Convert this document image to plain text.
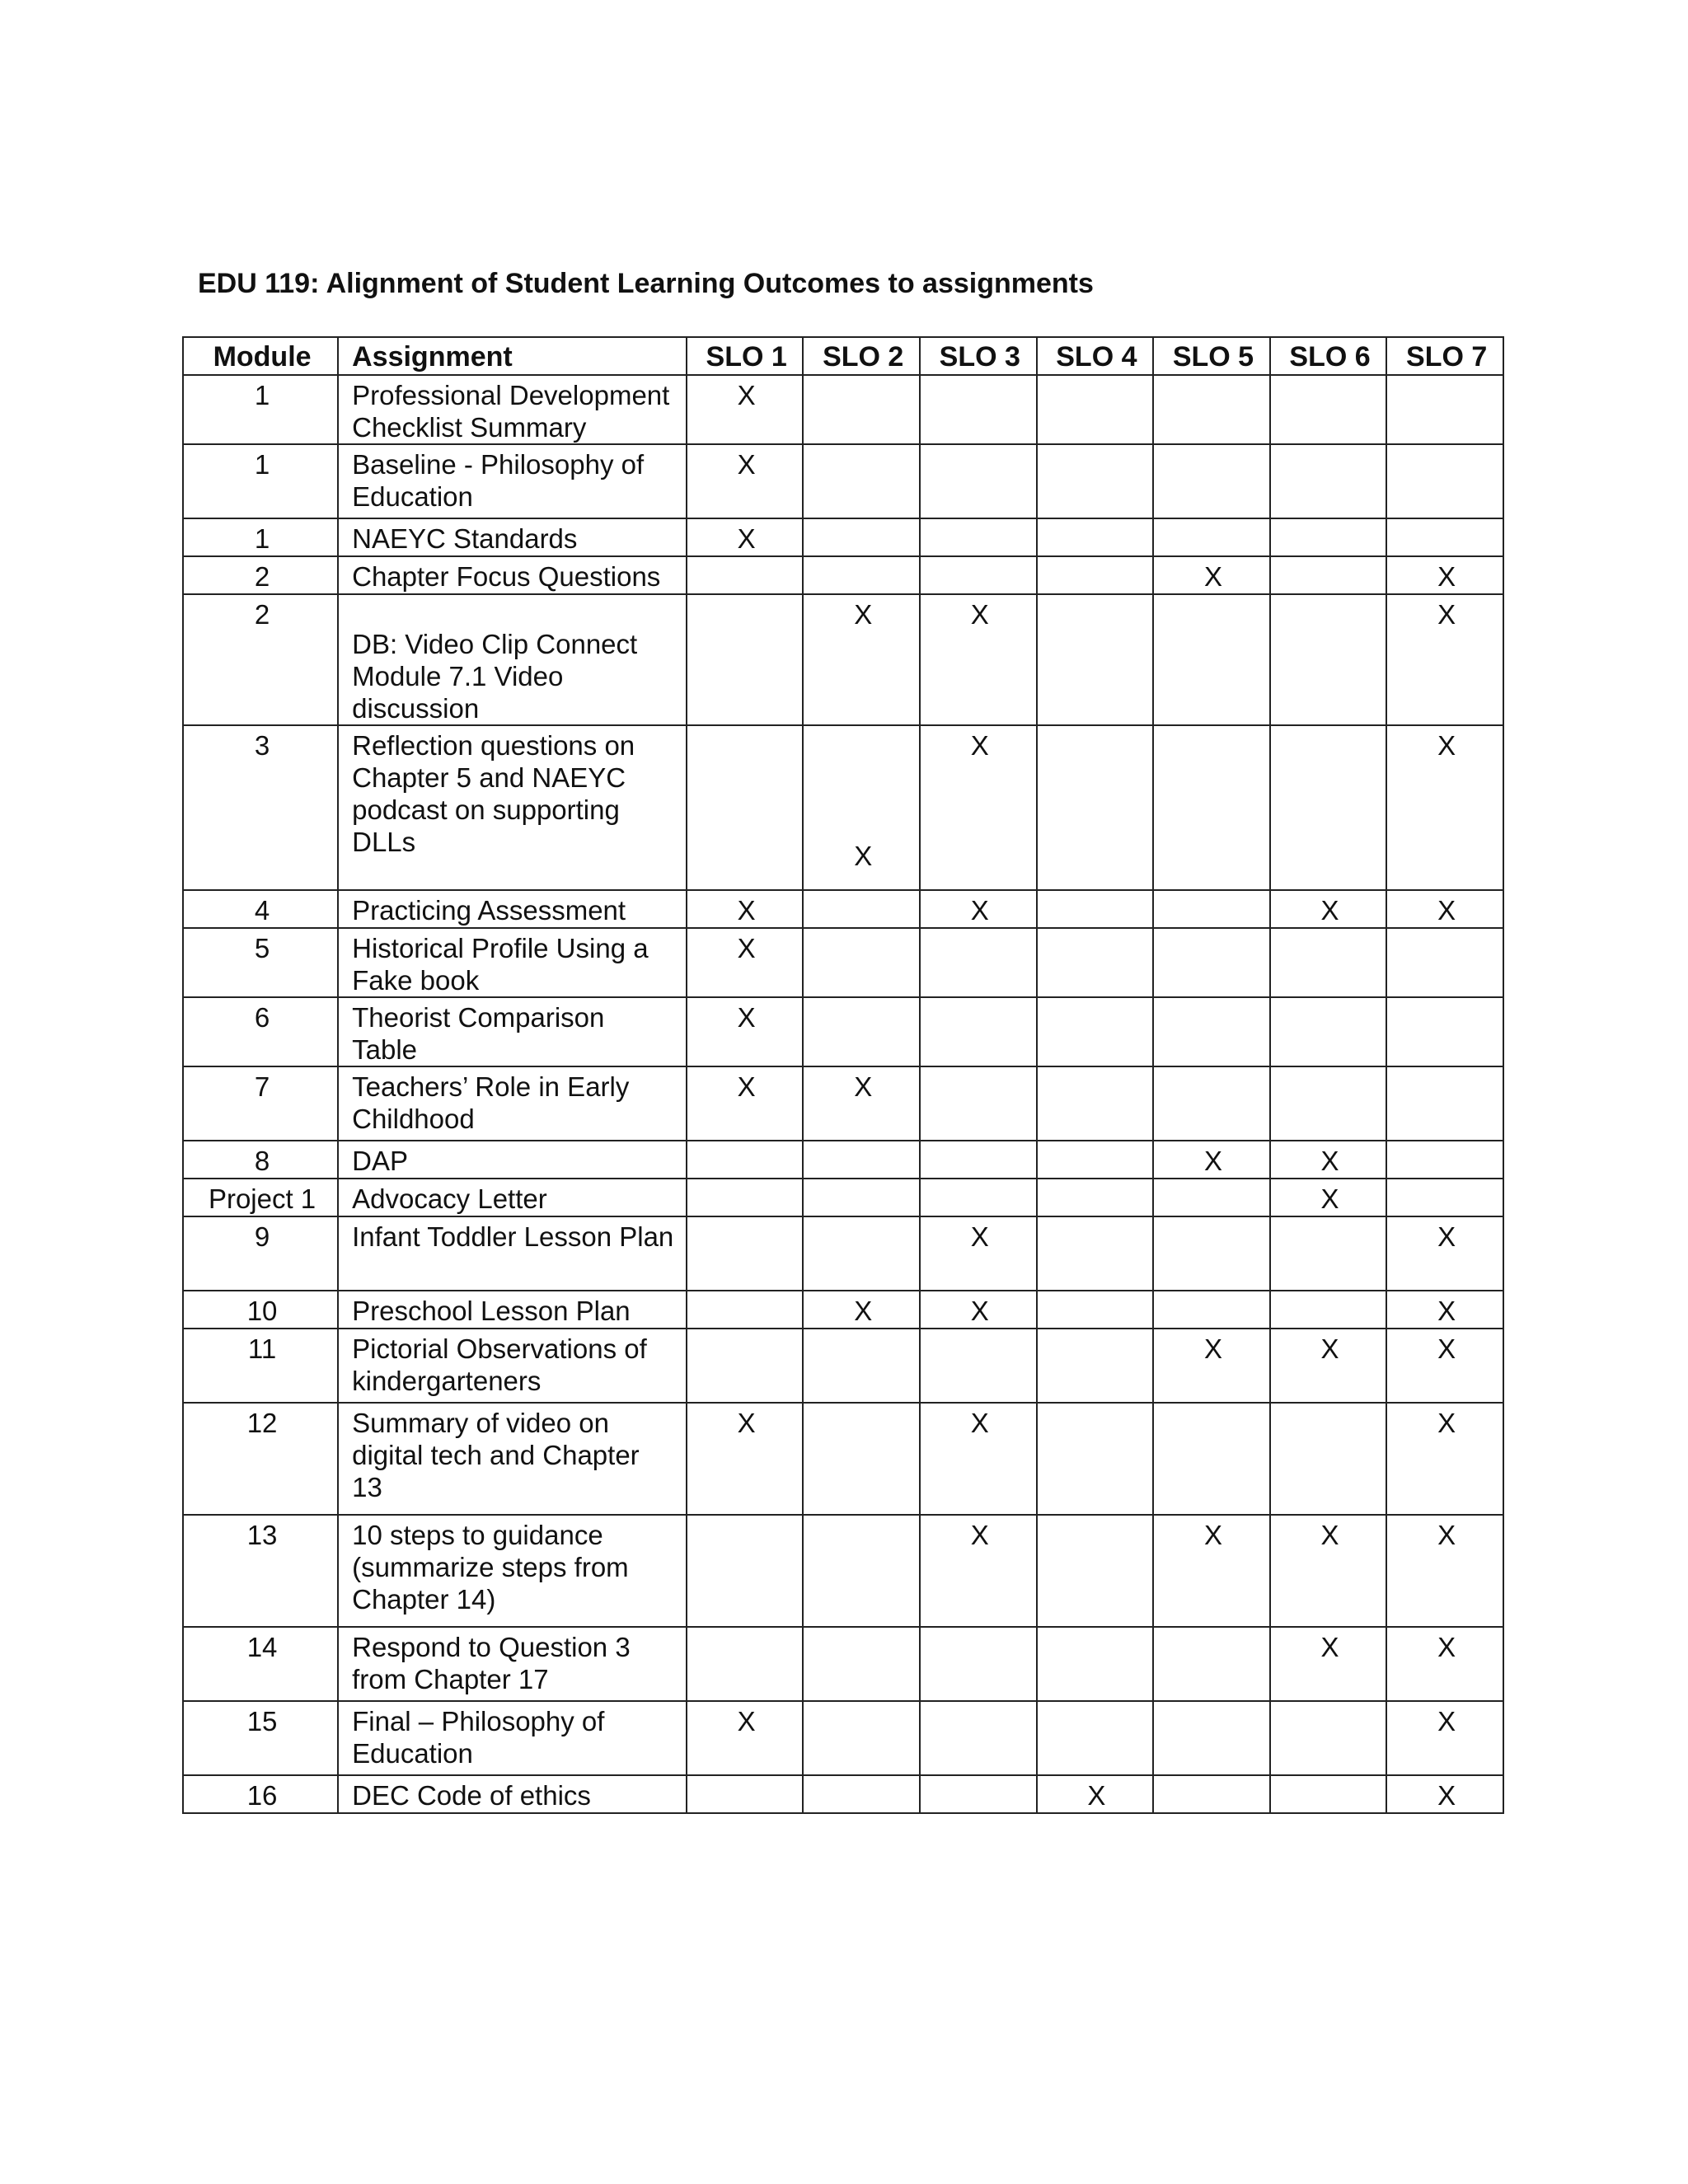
EDU 119: Alignment of Student Learning Outcomes to assignments
Module	Assignment	SLO 1	SLO 2	SLO 3	SLO 4	SLO 5	SLO 6	SLO 7
1	Professional Development Checklist Summary	X						
1	Baseline - Philosophy of Education	X						
1	NAEYC Standards	X						
2	Chapter Focus Questions					X		X
2	DB: Video Clip Connect Module 7.1 Video discussion		X	X				X
3	Reflection questions on Chapter 5 and NAEYC podcast on supporting DLLs		X	X				X
4	Practicing Assessment	X		X			X	X
5	Historical Profile Using a Fake book	X						
6	Theorist Comparison Table	X						
7	Teachers’ Role in Early Childhood	X	X					
8	DAP					X	X	
Project 1	Advocacy Letter						X	
9	Infant Toddler Lesson Plan			X				X
10	Preschool Lesson Plan		X	X				X
11	Pictorial Observations of kindergarteners					X	X	X
12	Summary of video on digital tech and Chapter 13	X		X				X
13	10 steps to guidance (summarize steps from Chapter 14)			X		X	X	X
14	Respond to Question 3 from Chapter 17						X	X
15	Final – Philosophy of Education	X						X
16	DEC Code of ethics				X			X
